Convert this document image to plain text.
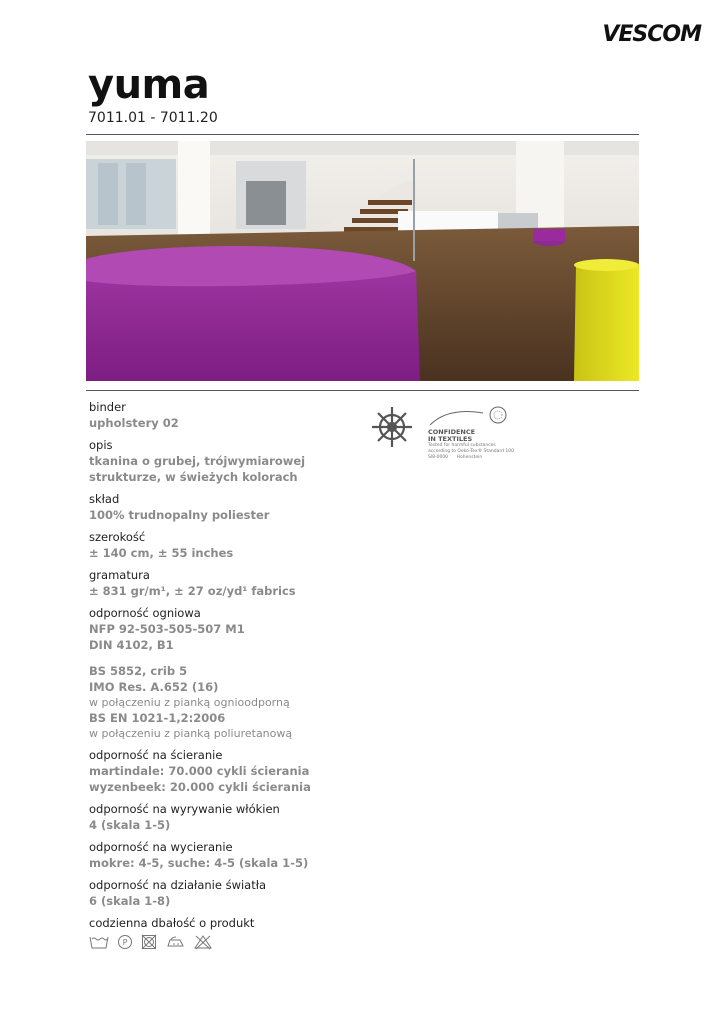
VESCOM
yuma
7011.01 - 7011.20
binder
upholstery 02
opis
tkanina o grubej, trójwymiarowej
strukturze, w świeżych kolorach
skład
100% trudnopalny poliester
szerokość
± 140 cm, ± 55 inches
gramatura
± 831 gr/m¹, ± 27 oz/yd¹ fabrics
odporność ogniowa
NFP 92-503-505-507 M1
DIN 4102, B1
BS 5852, crib 5
IMO Res. A.652 (16)
w połączeniu z pianką ognioodporną
BS EN 1021-1,2:2006
w połączeniu z pianką poliuretanową
odporność na ścieranie
martindale: 70.000 cykli ścierania
wyzenbeek: 20.000 cykli ścierania
odporność na wyrywanie włókien
4 (skala 1-5)
odporność na wycieranie
mokre: 4-5, suche: 4-5 (skala 1-5)
odporność na działanie światła
6 (skala 1-8)
codzienna dbałość o produkt
P
CONFIDENCE
IN TEXTILES
Tested for harmful substances
according to Oeko-Tex® Standard 100
Sl8-0000 Hohenstein
